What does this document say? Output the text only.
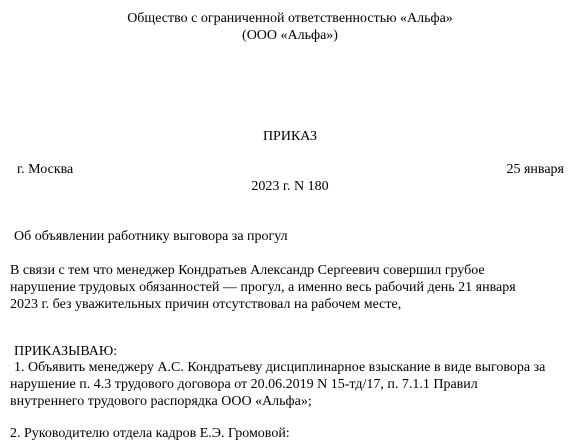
Общество с ограниченной ответственностью «Альфа»

(ООО «Альфа»)

ПРИКАЗ

г. Москва	25 января

2023 г. N 180

Об объявлении работнику выговора за прогул

В связи с тем что менеджер Кондратьев Александр Сергеевич совершил грубое

нарушение трудовых обязанностей — прогул, а именно весь рабочий день 21 января

2023 г. без уважительных причин отсутствовал на рабочем месте,

ПРИКАЗЫВАЮ:

1. Объявить менеджеру А.С. Кондратьеву дисциплинарное взыскание в виде выговора за

нарушение п. 4.3 трудового договора от 20.06.2019 N 15-тд/17, п. 7.1.1 Правил

внутреннего трудового распорядка ООО «Альфа»;

2. Руководителю отдела кадров Е.Э. Громовой:
